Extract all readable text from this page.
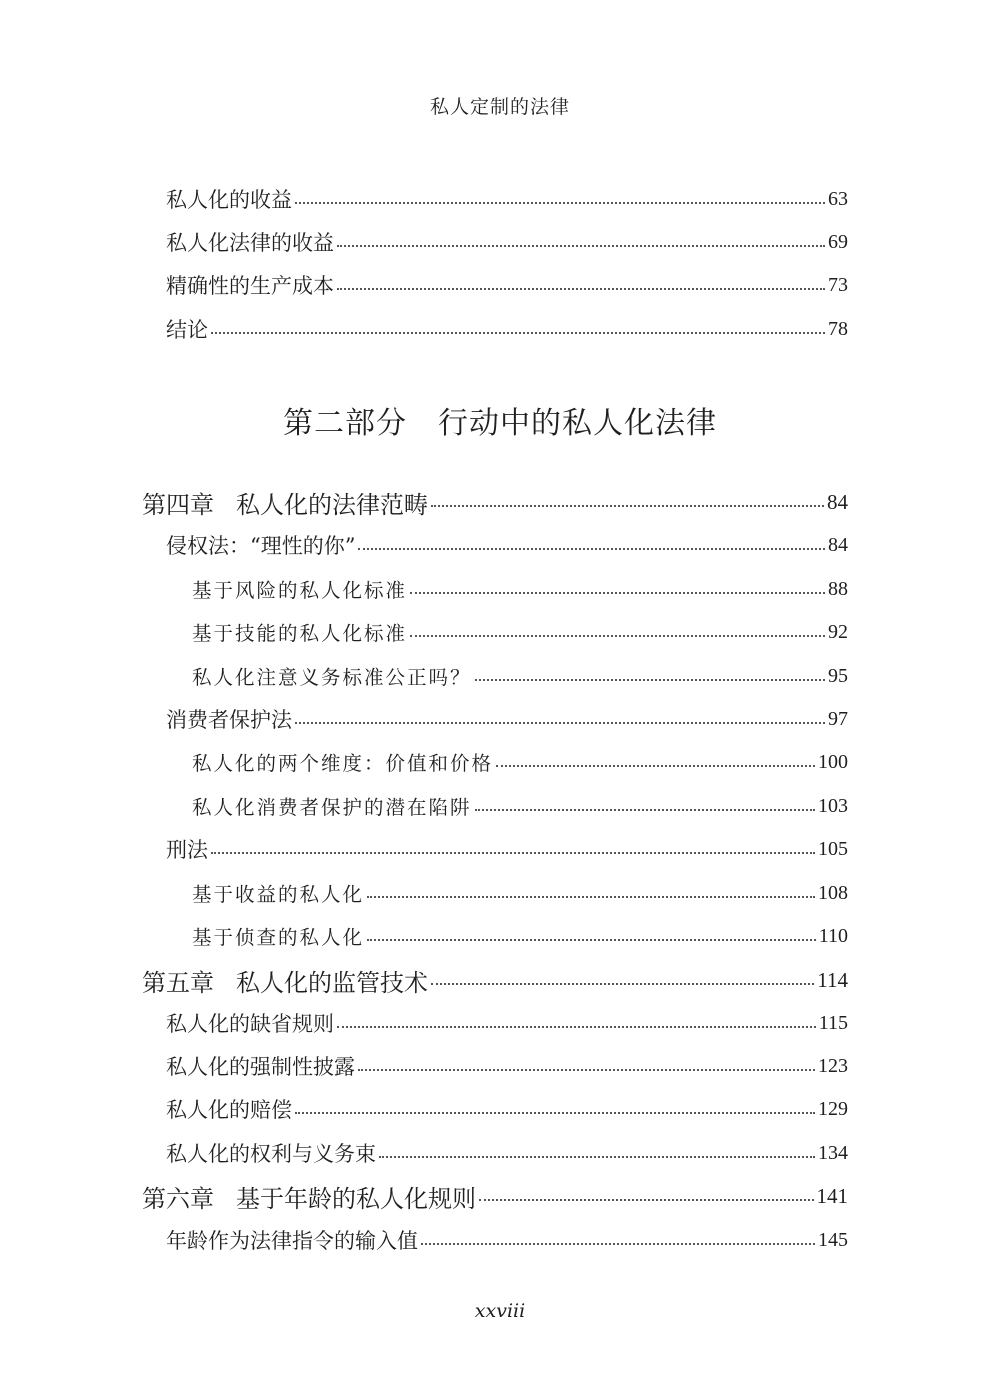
私人定制的法律
私人化的收益	63
私人化法律的收益	69
精确性的生产成本	73
结论	78
第二部分　行动中的私人化法律
第四章 私人化的法律范畴	84
侵权法：“理性的你”	84
基于风险的私人化标准	88
基于技能的私人化标准	92
私人化注意义务标准公正吗？	95
消费者保护法	97
私人化的两个维度：价值和价格	100
私人化消费者保护的潜在陷阱	103
刑法	105
基于收益的私人化	108
基于侦查的私人化	110
第五章 私人化的监管技术	114
私人化的缺省规则	115
私人化的强制性披露	123
私人化的赔偿	129
私人化的权利与义务束	134
第六章 基于年龄的私人化规则	141
年龄作为法律指令的输入值	145
xxviii
